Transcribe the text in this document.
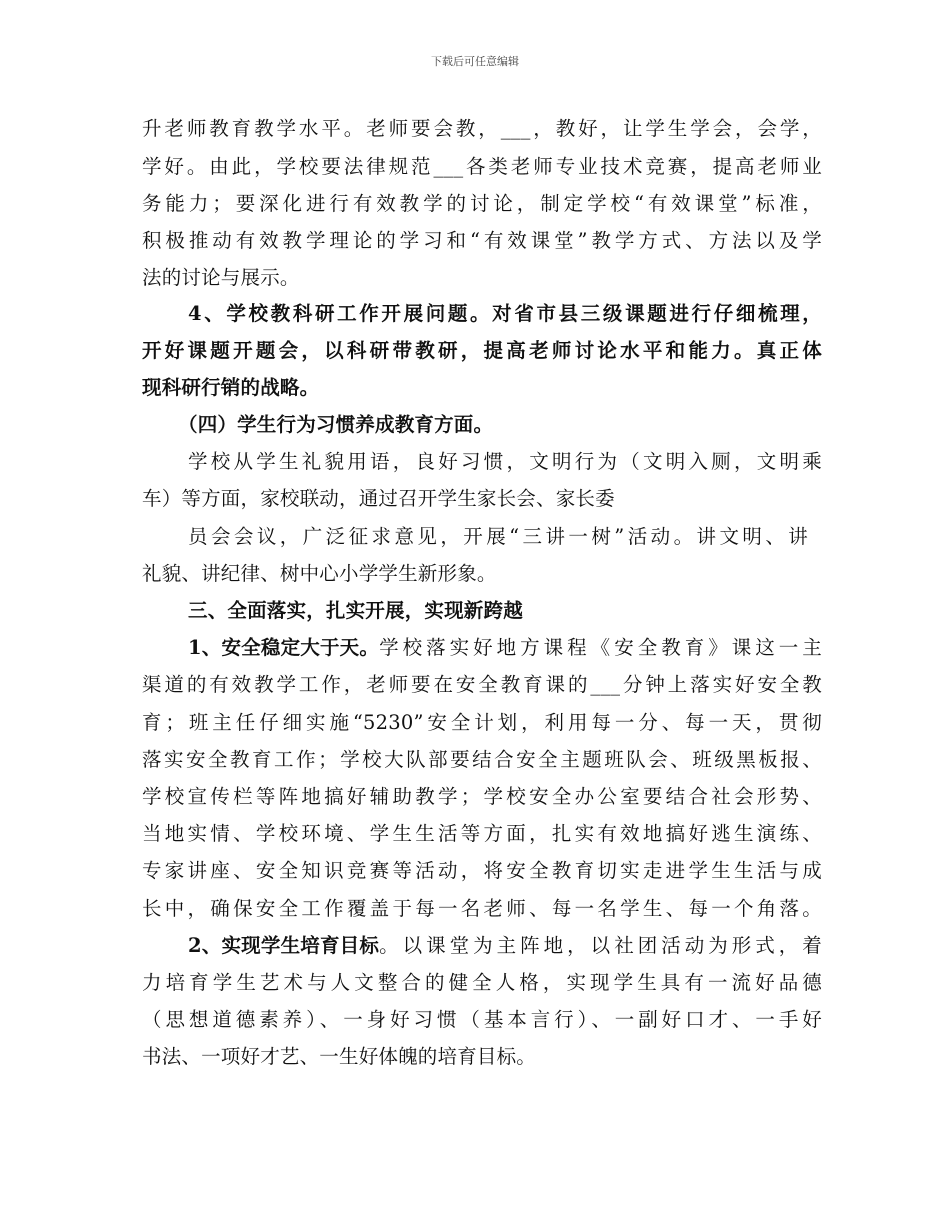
下载后可任意编辑
升老师教育教学水平。老师要会教，___，教好，让学生学会，会学，
学好。由此，学校要法律规范___各类老师专业技术竞赛，提高老师业
务能力；要深化进行有效教学的讨论，制定学校“有效课堂”标准，
积极推动有效教学理论的学习和“有效课堂”教学方式、方法以及学
法的讨论与展示。
4、学校教科研工作开展问题。对省市县三级课题进行仔细梳理，
开好课题开题会，以科研带教研，提高老师讨论水平和能力。真正体
现科研行销的战略。
（四）学生行为习惯养成教育方面。
学校从学生礼貌用语，良好习惯，文明行为（文明入厕，文明乘
车）等方面，家校联动，通过召开学生家长会、家长委
员会会议，广泛征求意见，开展“三讲一树”活动。讲文明、讲
礼貌、讲纪律、树中心小学学生新形象。
三、全面落实，扎实开展，实现新跨越
1、安全稳定大于天。 学校落实好地方课程《安全教育》课这一主
渠道的有效教学工作，老师要在安全教育课的___分钟上落实好安全教
育；班主任仔细实施“5230”安全计划，利用每一分、每一天，贯彻
落实安全教育工作；学校大队部要结合安全主题班队会、班级黑板报、
学校宣传栏等阵地搞好辅助教学；学校安全办公室要结合社会形势、
当地实情、学校环境、学生生活等方面，扎实有效地搞好逃生演练、
专家讲座、安全知识竞赛等活动，将安全教育切实走进学生生活与成
长中，确保安全工作覆盖于每一名老师、每一名学生、每一个角落。
2、实现学生培育目标 。以课堂为主阵地，以社团活动为形式，着
力培育学生艺术与人文整合的健全人格，实现学生具有一流好品德
（思想道德素养）、一身好习惯（基本言行）、一副好口才、一手好
书法、一项好才艺、一生好体魄的培育目标。
